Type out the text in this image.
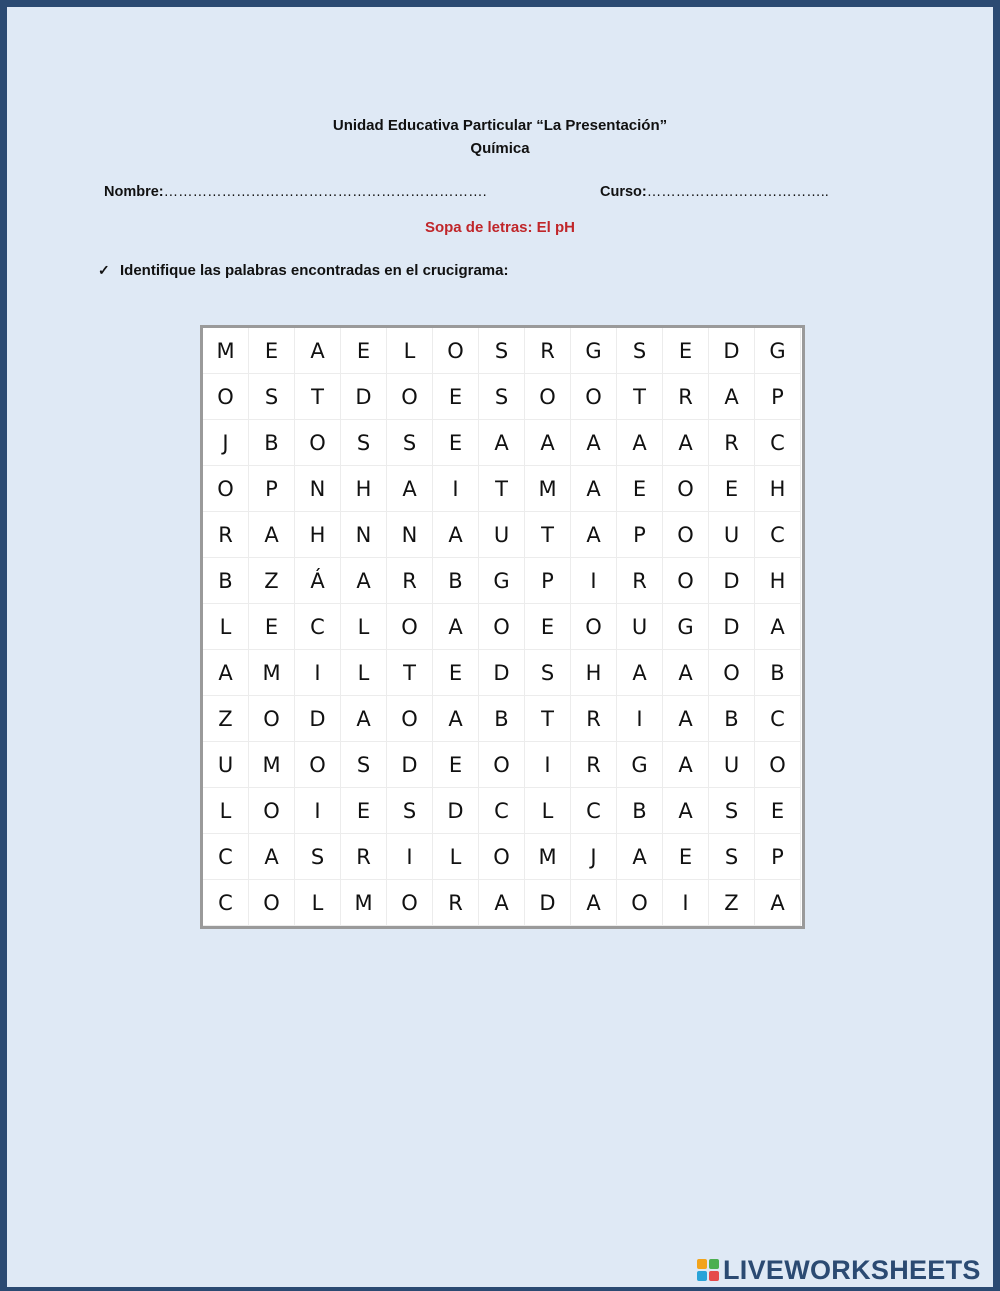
Unidad Educativa Particular “La Presentación”
Química
Nombre:………………………………………………………….	Curso:………………………………..
Sopa de letras: El pH
✓ Identifique las palabras encontradas en el crucigrama:
M	E	A	E	L	O	S	R	G	S	E	D	G
O	S	T	D	O	E	S	O	O	T	R	A	P
J	B	O	S	S	E	A	A	A	A	A	R	C
O	P	N	H	A	I	T	M	A	E	O	E	H
R	A	H	N	N	A	U	T	A	P	O	U	C
B	Z	Á	A	R	B	G	P	I	R	O	D	H
L	E	C	L	O	A	O	E	O	U	G	D	A
A	M	I	L	T	E	D	S	H	A	A	O	B
Z	O	D	A	O	A	B	T	R	I	A	B	C
U	M	O	S	D	E	O	I	R	G	A	U	O
L	O	I	E	S	D	C	L	C	B	A	S	E
C	A	S	R	I	L	O	M	J	A	E	S	P
C	O	L	M	O	R	A	D	A	O	I	Z	A
LIVEWORKSHEETS
